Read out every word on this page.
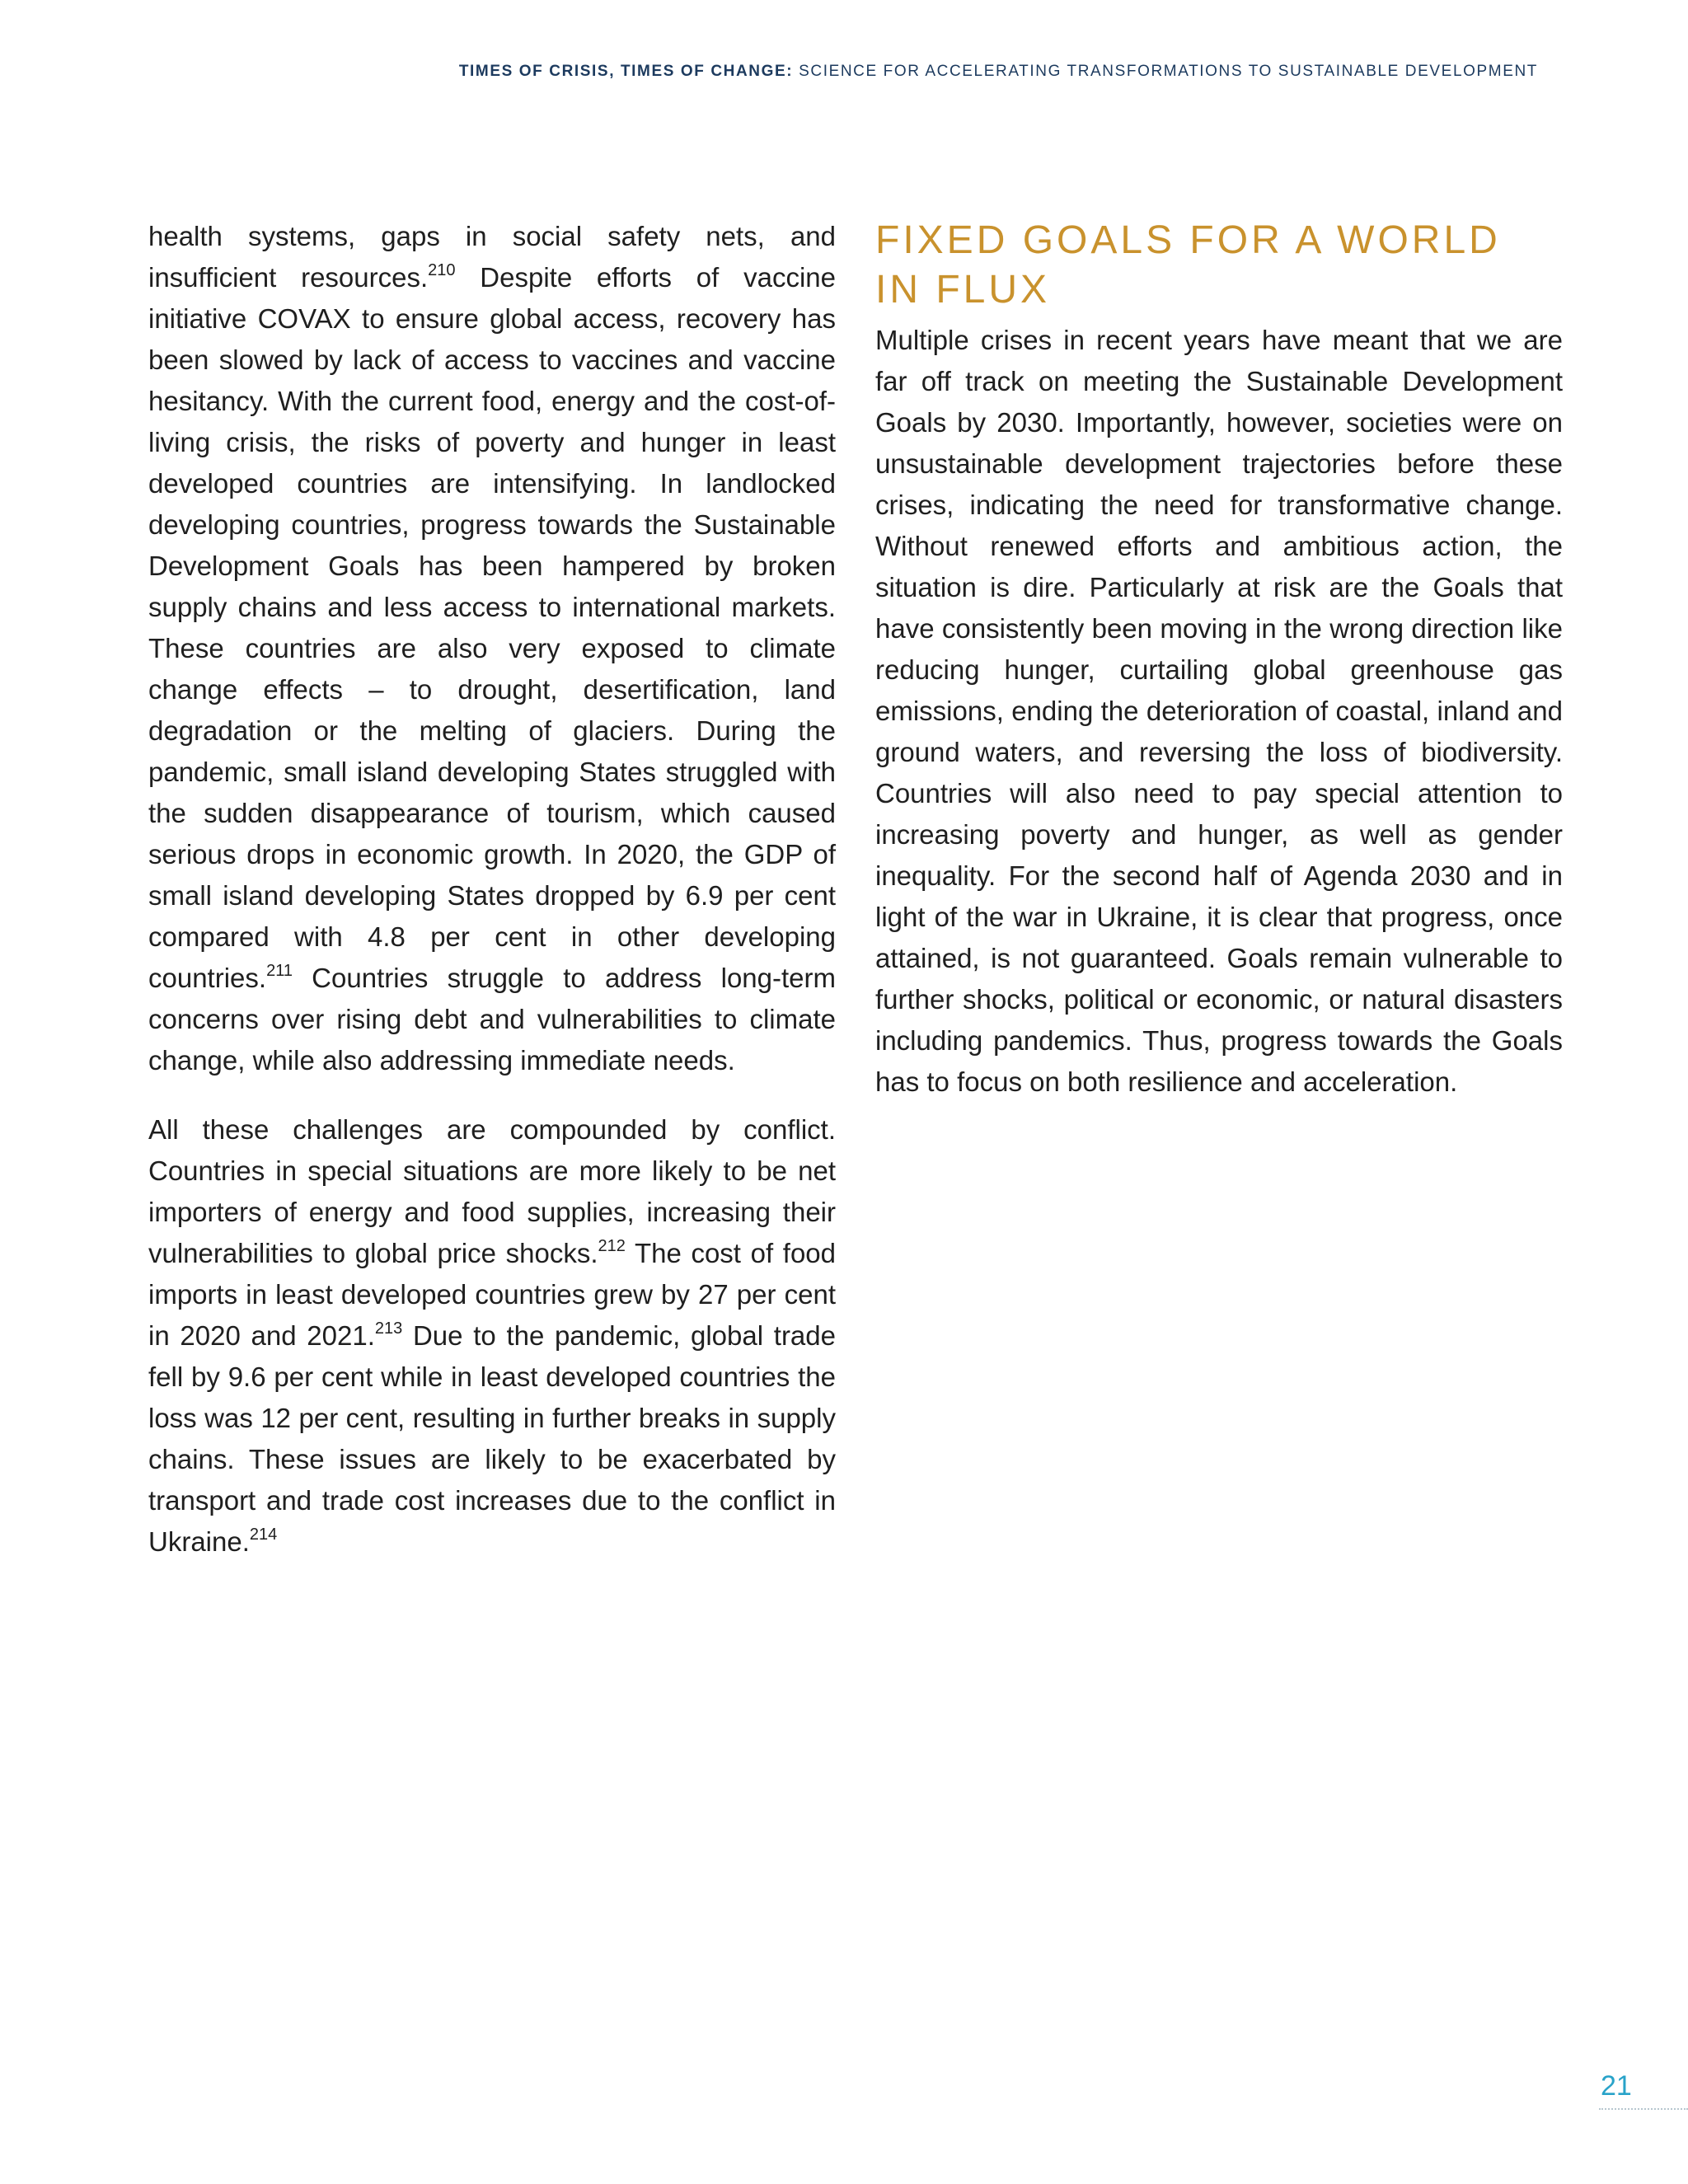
TIMES OF CRISIS, TIMES OF CHANGE: SCIENCE FOR ACCELERATING TRANSFORMATIONS TO SUSTAINABLE DEVELOPMENT

health systems, gaps in social safety nets, and insufficient resources.$^{210}$ Despite efforts of vaccine initiative COVAX to ensure global access, recovery has been slowed by lack of access to vaccines and vaccine hesitancy. With the current food, energy and the cost-of-living crisis, the risks of poverty and hunger in least developed countries are intensifying. In landlocked developing countries, progress towards the Sustainable Development Goals has been hampered by broken supply chains and less access to international markets. These countries are also very exposed to climate change effects – to drought, desertification, land degradation or the melting of glaciers. During the pandemic, small island developing States struggled with the sudden disappearance of tourism, which caused serious drops in economic growth. In 2020, the GDP of small island developing States dropped by 6.9 per cent compared with 4.8 per cent in other developing countries.$^{211}$ Countries struggle to address long-term concerns over rising debt and vulnerabilities to climate change, while also addressing immediate needs.

All these challenges are compounded by conflict. Countries in special situations are more likely to be net importers of energy and food supplies, increasing their vulnerabilities to global price shocks.$^{212}$ The cost of food imports in least developed countries grew by 27 per cent in 2020 and 2021.$^{213}$ Due to the pandemic, global trade fell by 9.6 per cent while in least developed countries the loss was 12 per cent, resulting in further breaks in supply chains. These issues are likely to be exacerbated by transport and trade cost increases due to the conflict in Ukraine.$^{214}$

FIXED GOALS FOR A WORLD IN FLUX

Multiple crises in recent years have meant that we are far off track on meeting the Sustainable Development Goals by 2030. Importantly, however, societies were on unsustainable development trajectories before these crises, indicating the need for transformative change. Without renewed efforts and ambitious action, the situation is dire. Particularly at risk are the Goals that have consistently been moving in the wrong direction like reducing hunger, curtailing global greenhouse gas emissions, ending the deterioration of coastal, inland and ground waters, and reversing the loss of biodiversity. Countries will also need to pay special attention to increasing poverty and hunger, as well as gender inequality. For the second half of Agenda 2030 and in light of the war in Ukraine, it is clear that progress, once attained, is not guaranteed. Goals remain vulnerable to further shocks, political or economic, or natural disasters including pandemics. Thus, progress towards the Goals has to focus on both resilience and acceleration.

21
